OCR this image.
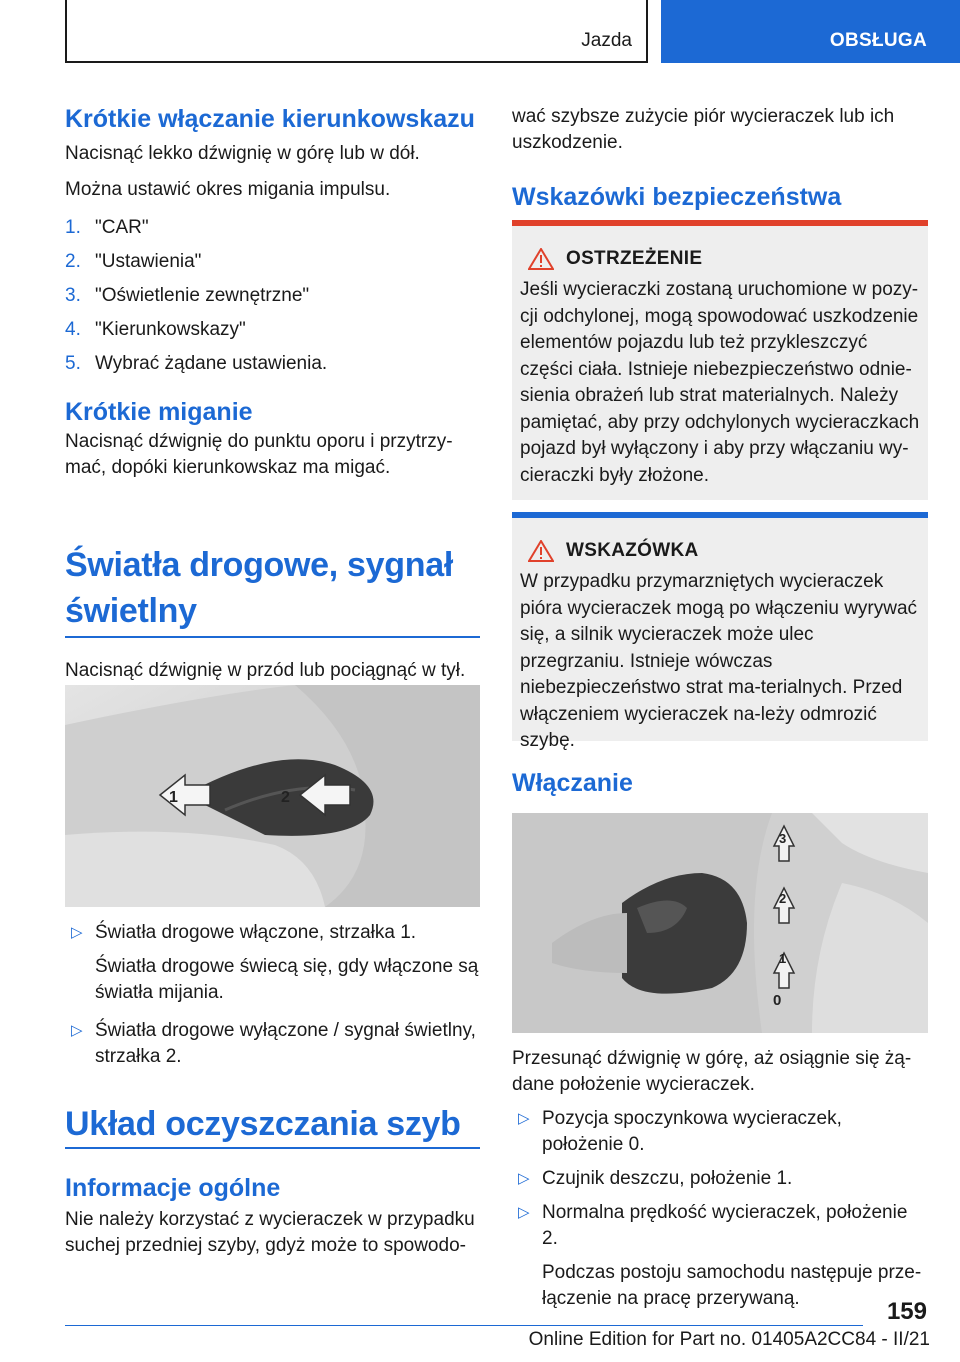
Jazda	OBSŁUGA
Krótkie włączanie kierunkowskazu

Nacisnąć lekko dźwignię w górę lub w dół.

Można ustawić okres migania impulsu.

1. "CAR"
2. "Ustawienia"
3. "Oświetlenie zewnętrzne"
4. "Kierunkowskazy"
5. Wybrać żądane ustawienia.
Krótkie miganie

Nacisnąć dźwignię do punktu oporu i przytrzy-mać, dopóki kierunkowskaz ma migać.

Światła drogowe, sygnał świetlny

Nacisnąć dźwignię w przód lub pociągnąć w tył.

1	2
▷ Światła drogowe włączone, strzałka 1.
Światła drogowe świecą się, gdy włączone są światła mijania.
▷ Światła drogowe wyłączone / sygnał świetlny, strzałka 2.
Układ oczyszczania szyb
Informacje ogólne

Nie należy korzystać z wycieraczek w przypadku suchej przedniej szyby, gdyż może to spowodo-

wać szybsze zużycie piór wycieraczek lub ich uszkodzenie.

Wskazówki bezpieczeństwa
OSTRZEŻENIE

Jeśli wycieraczki zostaną uruchomione w pozy-cji odchylonej, mogą spowodować uszkodzenie elementów pojazdu lub też przykleszczyć części ciała. Istnieje niebezpieczeństwo odnie-sienia obrażeń lub strat materialnych. Należy pamiętać, aby przy odchylonych wycieraczkach pojazd był wyłączony i aby przy włączaniu wy-cieraczki były złożone.

WSKAZÓWKA

W przypadku przymarzniętych wycieraczek pióra wycieraczek mogą po włączeniu wyrywać się, a silnik wycieraczek może ulec przegrzaniu. Istnieje wówczas niebezpieczeństwo strat ma-terialnych. Przed włączeniem wycieraczek na-leży odmrozić szybę.

Włączanie
0
1
2
3

Przesunąć dźwignię w górę, aż osiągnie się żą-dane położenie wycieraczek.

▷ Pozycja spoczynkowa wycieraczek, położenie 0.
▷ Czujnik deszczu, położenie 1.
▷ Normalna prędkość wycieraczek, położenie 2.
Podczas postoju samochodu następuje prze-łączenie na pracę przerywaną.	159
Online Edition for Part no. 01405A2CC84 - II/21
